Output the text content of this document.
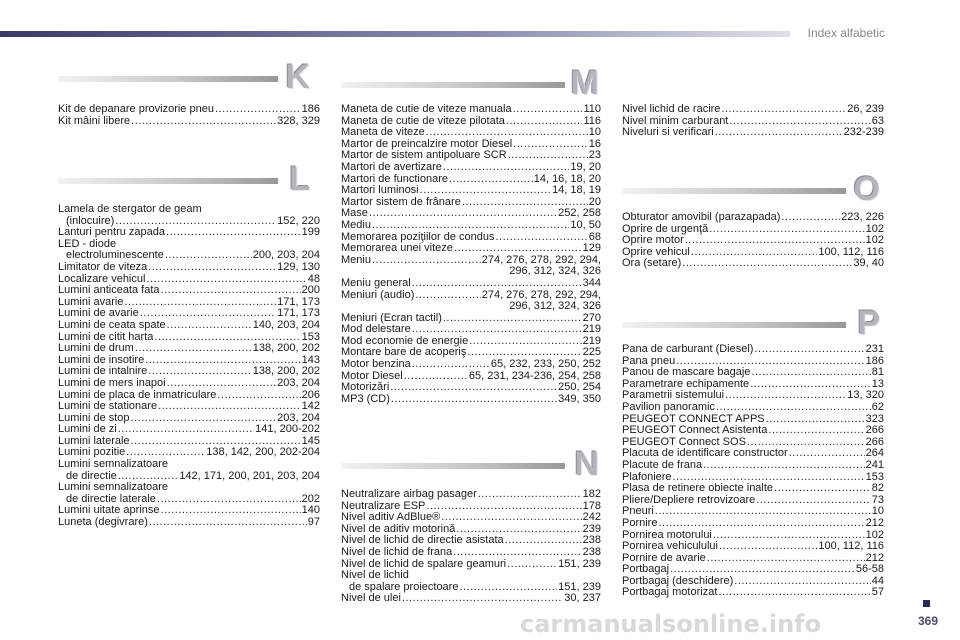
Index alfabetic
K
Kit de depanare provizorie pneu .....	186
Kit mâini libere .....	328, 329
L
Lamela de stergator de geam
(inlocuire) .....	152, 220
Lanturi pentru zapada .....	199
LED - diode
electroluminescente .....	200, 203, 204
Limitator de viteza .....	129, 130
Localizare vehicul .....	48
Lumini anticeata fata .....	200
Lumini avarie .....	171, 173
Lumini de avarie .....	171, 173
Lumini de ceata spate .....	140, 203, 204
Lumini de citit harta .....	153
Lumini de drum .....	138, 200, 202
Lumini de insotire .....	143
Lumini de intalnire .....	138, 200, 202
Lumini de mers inapoi .....	203, 204
Lumini de placa de inmatriculare .....	206
Lumini de stationare .....	142
Lumini de stop .....	203, 204
Lumini de zi .....	141, 200-202
Lumini laterale .....	145
Lumini pozitie .....	138, 142, 200, 202-204
Lumini semnalizatoare
de directie .....	142, 171, 200, 201, 203, 204
Lumini semnalizatoare
de directie laterale .....	202
Lumini uitate aprinse .....	140
Luneta (degivrare) .....	97
M
Maneta de cutie de viteze manuala .....	110
Maneta de cutie de viteze pilotata .....	116
Maneta de viteze .....	10
Martor de preincalzire motor Diesel .....	16
Martor de sistem antipoluare SCR .....	23
Martori de avertizare .....	19, 20
Martori de functionare .....	14, 16, 18, 20
Martori luminosi .....	14, 18, 19
Martor sistem de frânare .....	20
Mase .....	252, 258
Mediu .....	10, 50
Memorarea poziţiilor de condus .....	68
Memorarea unei viteze .....	129
Meniu .....	274, 276, 278, 292, 294,
296, 312, 324, 326
Meniu general .....	344
Meniuri (audio) .....	274, 276, 278, 292, 294,
296, 312, 324, 326
Meniuri (Ecran tactil) .....	270
Mod delestare .....	219
Mod economie de energie .....	219
Montare bare de acoperiş .....	225
Motor benzina .....	65, 232, 233, 250, 252
Motor Diesel .....	65, 231, 234-236, 254, 258
Motorizări .....	250, 254
MP3 (CD) .....	349, 350
N
Neutralizare airbag pasager .....	182
Neutralizare ESP .....	178
Nivel aditiv AdBlue® .....	242
Nivel de aditiv motorină .....	239
Nivel de lichid de directie asistata .....	238
Nivel de lichid de frana .....	238
Nivel de lichid de spalare geamuri .....	151, 239
Nivel de lichid
de spalare proiectoare .....	151, 239
Nivel de ulei .....	30, 237
Nivel lichid de racire .....	26, 239
Nivel minim carburant .....	63
Niveluri si verificari .....	232-239
O
Obturator amovibil (parazapada) .....	223, 226
Oprire de urgenţă .....	102
Oprire motor .....	102
Oprire vehicul .....	100, 112, 116
Ora (setare) .....	39, 40
P
Pana de carburant (Diesel) .....	231
Pana pneu .....	186
Panou de mascare bagaje .....	81
Parametrare echipamente .....	13
Parametrii sistemului .....	13, 320
Pavilion panoramic .....	62
PEUGEOT CONNECT APPS .....	323
PEUGEOT Connect Asistenta .....	266
PEUGEOT Connect SOS .....	266
Placuta de identificare constructor .....	264
Placute de frana .....	241
Plafoniere .....	153
Plasa de retinere obiecte inalte .....	82
Pliere/Depliere retrovizoare .....	73
Pneuri .....	10
Pornire .....	212
Pornirea motorului .....	102
Pornirea vehiculului .....	100, 112, 116
Pornire de avarie .....	212
Portbagaj .....	56-58
Portbagaj (deschidere) .....	44
Portbagaj motorizat .....	57
369
carmanualsonline.info
